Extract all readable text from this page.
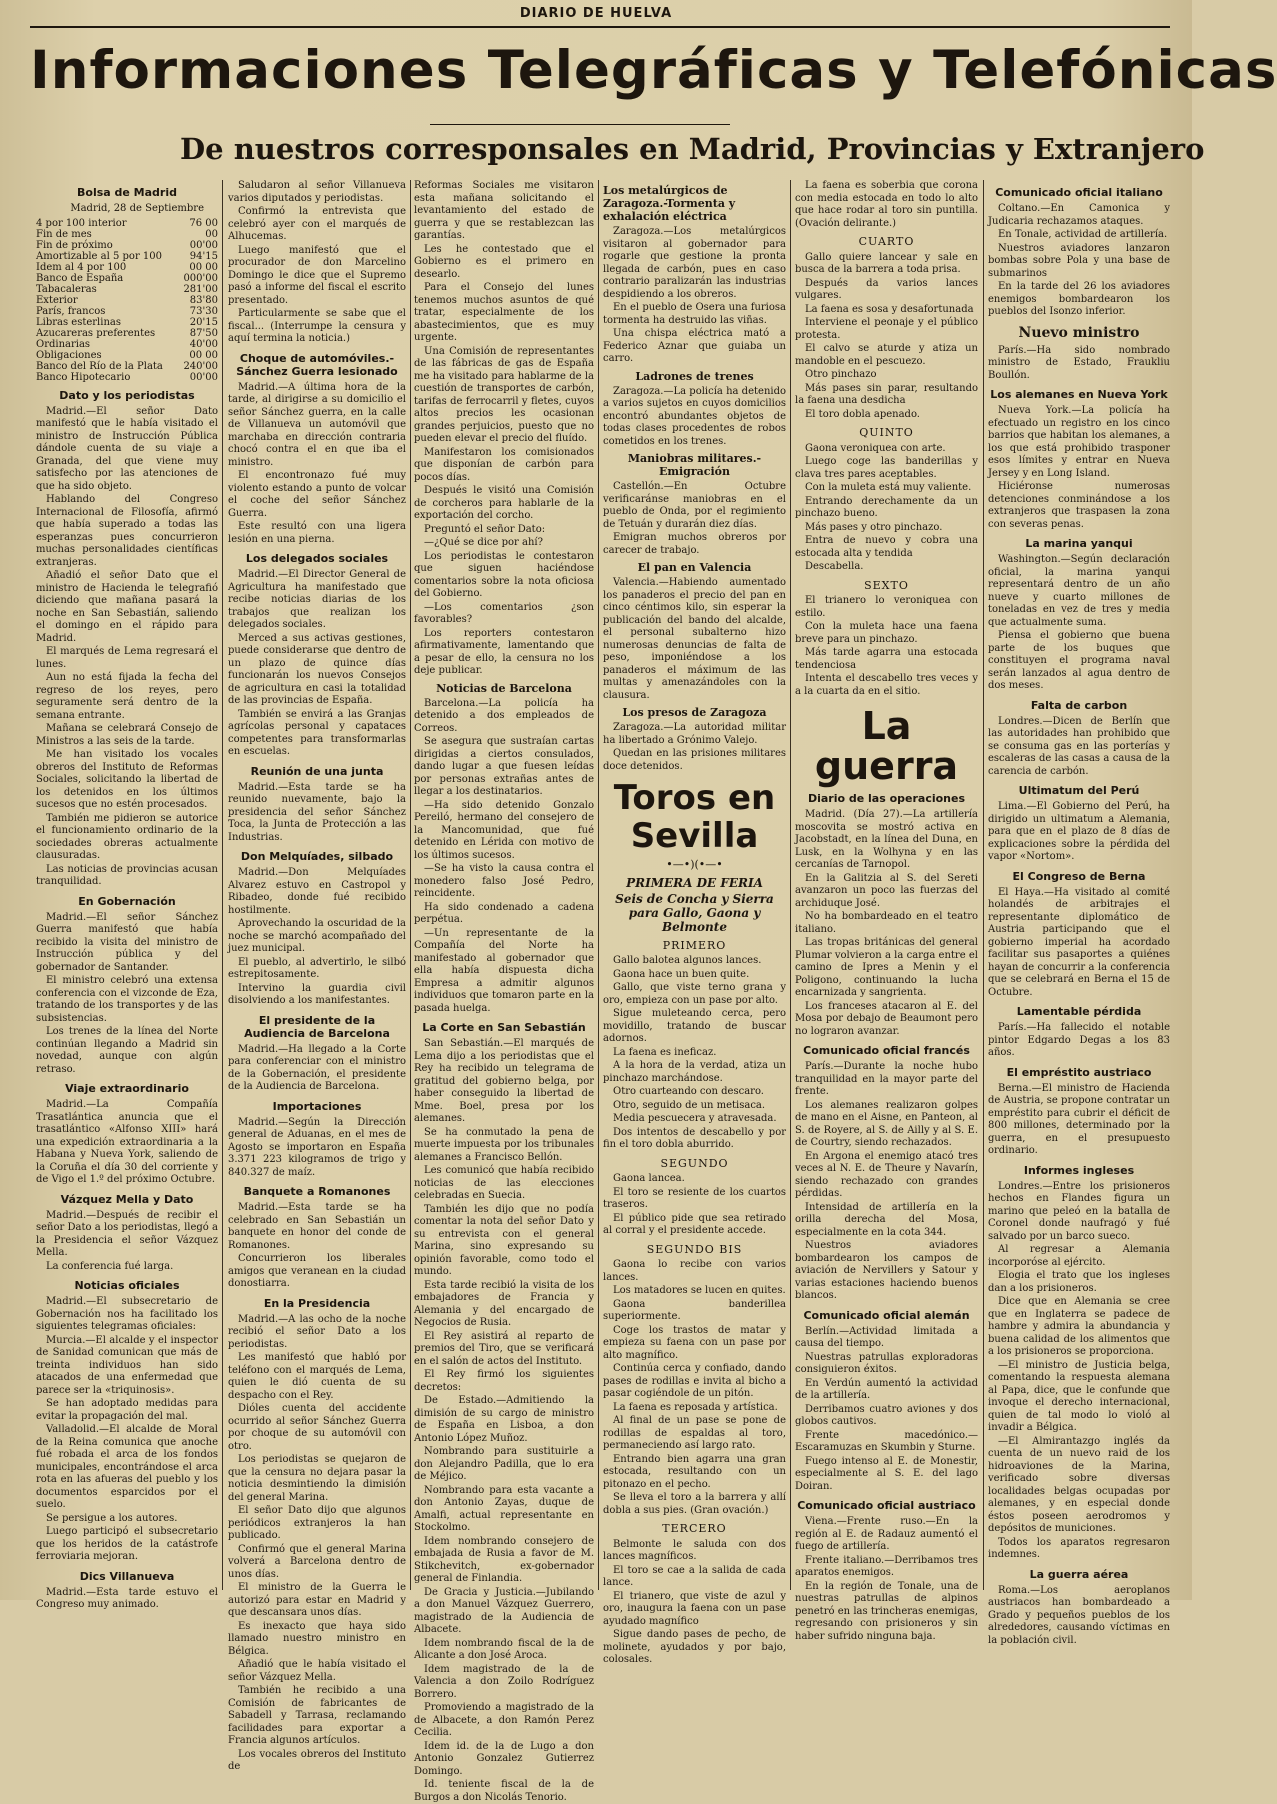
DIARIO DE HUELVA
Informaciones Telegráficas y Telefónicas
De nuestros corresponsales en Madrid, Provincias y Extranjero
Bolsa de Madrid
Madrid, 28 de Septiembre
4 por 100 interior	76 00
Fin de mes	00
Fin de próximo	00'00
Amortizable al 5 por 100	94'15
Idem al 4 por 100	00 00
Banco de España	000'00
Tabacaleras	281'00
Exterior	83'80
París, francos	73'30
Libras esterlinas	20'15
Azucareras preferentes	87'50
Ordinarias	40'00
Obligaciones	00 00
Banco del Río de la Plata	240'00
Banco Hipotecario	00'00
Dato y los periodistas

Madrid.—El señor Dato manifestó que le había visitado el ministro de Instrucción Pública dándole cuenta de su viaje a Granada, del que viene muy satisfecho por las atenciones de que ha sido objeto.

Hablando del Congreso Internacional de Filosofía, afirmó que había superado a todas las esperanzas pues concurrieron muchas personalidades científicas extranjeras.

Añadió el señor Dato que el ministro de Hacienda le telegrafió diciendo que mañana pasará la noche en San Sebastián, saliendo el domingo en el rápido para Madrid.

El marqués de Lema regresará el lunes.

Aun no está fijada la fecha del regreso de los reyes, pero seguramente será dentro de la semana entrante.

Mañana se celebrará Consejo de Ministros a las seis de la tarde.

Me han visitado los vocales obreros del Instituto de Reformas Sociales, solicitando la libertad de los detenidos en los últimos sucesos que no estén procesados.

También me pidieron se autorice el funcionamiento ordinario de la sociedades obreras actualmente clausuradas.

Las noticias de provincias acusan tranquilidad.

En Gobernación

Madrid.—El señor Sánchez Guerra manifestó que había recibido la visita del ministro de Instrucción pública y del gobernador de Santander.

El ministro celebró una extensa conferencia con el vizconde de Eza, tratando de los transportes y de las subsistencias.

Los trenes de la línea del Norte continúan llegando a Madrid sin novedad, aunque con algún retraso.

Viaje extraordinario

Madrid.—La Compañía Trasatlántica anuncia que el trasatlántico «Alfonso XIII» hará una expedición extraordinaria a la Habana y Nueva York, saliendo de la Coruña el día 30 del corriente y de Vigo el 1.º del próximo Octubre.

Vázquez Mella y Dato

Madrid.—Después de recibir el señor Dato a los periodistas, llegó a la Presidencia el señor Vázquez Mella.

La conferencia fué larga.

Noticias oficiales

Madrid.—El subsecretario de Gobernación nos ha facilitado los siguientes telegramas oficiales:

Murcia.—El alcalde y el inspector de Sanidad comunican que más de treinta individuos han sido atacados de una enfermedad que parece ser la «triquinosis».

Se han adoptado medidas para evitar la propagación del mal.

Valladolid.—El alcalde de Moral de la Reina comunica que anoche fué robada el arca de los fondos municipales, encontrándose el arca rota en las afueras del pueblo y los documentos esparcidos por el suelo.

Se persigue a los autores.

Luego participó el subsecretario que los heridos de la catástrofe ferroviaria mejoran.

Dics Villanueva

Madrid.—Esta tarde estuvo el Congreso muy animado.

Saludaron al señor Villanueva varios diputados y periodistas.

Confirmó la entrevista que celebró ayer con el marqués de Alhucemas.

Luego manifestó que el procurador de don Marcelino Domingo le dice que el Supremo pasó a informe del fiscal el escrito presentado.

Particularmente se sabe que el fiscal... (Interrumpe la censura y aquí termina la noticia.)

Choque de automóviles.-Sánchez Guerra lesionado

Madrid.—A última hora de la tarde, al dirigirse a su domicilio el señor Sánchez guerra, en la calle de Villanueva un automóvil que marchaba en dirección contraria chocó contra el en que iba el ministro.

El encontronazo fué muy violento estando a punto de volcar el coche del señor Sánchez Guerra.

Este resultó con una ligera lesión en una pierna.

Los delegados sociales

Madrid.—El Director General de Agricultura ha manifestado que recibe noticias diarias de los trabajos que realizan los delegados sociales.

Merced a sus activas gestiones, puede considerarse que dentro de un plazo de quince días funcionarán los nuevos Consejos de agricultura en casi la totalidad de las provincias de España.

También se envirá a las Granjas agrícolas personal y capataces competentes para transformarlas en escuelas.

Reunión de una junta

Madrid.—Esta tarde se ha reunido nuevamente, bajo la presidencia del señor Sánchez Toca, la Junta de Protección a las Industrias.

Don Melquíades, silbado

Madrid.—Don Melquíades Alvarez estuvo en Castropol y Ribadeo, donde fué recibido hostilmente.

Aprovechando la oscuridad de la noche se marchó acompañado del juez municipal.

El pueblo, al advertirlo, le silbó estrepitosamente.

Intervino la guardia civil disolviendo a los manifestantes.

El presidente de la Audiencia de Barcelona

Madrid.—Ha llegado a la Corte para conferenciar con el ministro de la Gobernación, el presidente de la Audiencia de Barcelona.

Importaciones

Madrid.—Según la Dirección general de Aduanas, en el mes de Agosto se importaron en España 3.371 223 kilogramos de trigo y 840.327 de maíz.

Banquete a Romanones

Madrid.—Esta tarde se ha celebrado en San Sebastián un banquete en honor del conde de Romanones.

Concurrieron los liberales amigos que veranean en la ciudad donostiarra.

En la Presidencia

Madrid.—A las ocho de la noche recibió el señor Dato a los periodistas.

Les manifestó que habló por teléfono con el marqués de Lema, quien le dió cuenta de su despacho con el Rey.

Dióles cuenta del accidente ocurrido al señor Sánchez Guerra por choque de su automóvil con otro.

Los periodistas se quejaron de que la censura no dejara pasar la noticia desmintiendo la dimisión del general Marina.

El señor Dato dijo que algunos periódicos extranjeros la han publicado.

Confirmó que el general Marina volverá a Barcelona dentro de unos días.

El ministro de la Guerra le autorizó para estar en Madrid y que descansara unos días.

Es inexacto que haya sido llamado nuestro ministro en Bélgica.

Añadió que le había visitado el señor Vázquez Mella.

También he recibido a una Comisión de fabricantes de Sabadell y Tarrasa, reclamando facilidades para exportar a Francia algunos artículos.

Los vocales obreros del Instituto de

Reformas Sociales me visitaron esta mañana solicitando el levantamiento del estado de guerra y que se restablezcan las garantías.

Les he contestado que el Gobierno es el primero en desearlo.

Para el Consejo del lunes tenemos muchos asuntos de qué tratar, especialmente de los abastecimientos, que es muy urgente.

Una Comisión de representantes de las fábricas de gas de España me ha visitado para hablarme de la cuestión de transportes de carbón, tarifas de ferrocarril y fletes, cuyos altos precios les ocasionan grandes perjuicios, puesto que no pueden elevar el precio del fluído.

Manifestaron los comisionados que disponían de carbón para pocos días.

Después le visitó una Comisión de corcheros para hablarle de la exportación del corcho.

Preguntó el señor Dato:

—¿Qué se dice por ahí?

Los periodistas le contestaron que siguen haciéndose comentarios sobre la nota oficiosa del Gobierno.

—Los comentarios ¿son favorables?

Los reporters contestaron afirmativamente, lamentando que a pesar de ello, la censura no los deje publicar.

Noticias de Barcelona

Barcelona.—La policía ha detenido a dos empleados de Correos.

Se asegura que sustraían cartas dirigidas a ciertos consulados, dando lugar a que fuesen leídas por personas extrañas antes de llegar a los destinatarios.

—Ha sido detenido Gonzalo Pereiló, hermano del consejero de la Mancomunidad, que fué detenido en Lérida con motivo de los últimos sucesos.

—Se ha visto la causa contra el monedero falso José Pedro, reincidente.

Ha sido condenado a cadena perpétua.

—Un representante de la Compañía del Norte ha manifestado al gobernador que ella había dispuesta dicha Empresa a admitir algunos individuos que tomaron parte en la pasada huelga.

La Corte en San Sebastián

San Sebastián.—El marqués de Lema dijo a los periodistas que el Rey ha recibido un telegrama de gratitud del gobierno belga, por haber conseguido la libertad de Mme. Boel, presa por los alemanes.

Se ha conmutado la pena de muerte impuesta por los tribunales alemanes a Francisco Bellón.

Les comunicó que había recibido noticias de las elecciones celebradas en Suecia.

También les dijo que no podía comentar la nota del señor Dato y su entrevista con el general Marina, sino expresando su opinión favorable, como todo el mundo.

Esta tarde recibió la visita de los embajadores de Francia y Alemania y del encargado de Negocios de Rusia.

El Rey asistirá al reparto de premios del Tiro, que se verificará en el salón de actos del Instituto.

El Rey firmó los siguientes decretos:

De Estado.—Admitiendo la dimisión de su cargo de ministro de España en Lisboa, a don Antonio López Muñoz.

Nombrando para sustituirle a don Alejandro Padilla, que lo era de Méjico.

Nombrando para esta vacante a don Antonio Zayas, duque de Amalfi, actual representante en Stockolmo.

Idem nombrando consejero de embajada de Rusia a favor de M. Stikchevitch, ex-gobernador general de Finlandia.

De Gracia y Justicia.—Jubilando a don Manuel Vázquez Guerrero, magistrado de la Audiencia de Albacete.

Idem nombrando fiscal de la de Alicante a don José Aroca.

Idem magistrado de la de Valencia a don Zoilo Rodríguez Borrero.

Promoviendo a magistrado de la de Albacete, a don Ramón Perez Cecilia.

Idem id. de la de Lugo a don Antonio Gonzalez Gutierrez Domingo.

Id. teniente fiscal de la de Burgos a don Nicolás Tenorio.

Los metalúrgicos de Zaragoza.-Tormenta y exhalación eléctrica

Zaragoza.—Los metalúrgicos visitaron al gobernador para rogarle que gestione la pronta llegada de carbón, pues en caso contrario paralizarán las industrias despidiendo a los obreros.

En el pueblo de Osera una furiosa tormenta ha destruido las viñas.

Una chispa eléctrica mató a Federico Aznar que guiaba un carro.

Ladrones de trenes

Zaragoza.—La policía ha detenido a varios sujetos en cuyos domicilios encontró abundantes objetos de todas clases procedentes de robos cometidos en los trenes.

Maniobras militares.-Emigración

Castellón.—En Octubre verificaránse maniobras en el pueblo de Onda, por el regimiento de Tetuán y durarán diez días.

Emigran muchos obreros por carecer de trabajo.

El pan en Valencia

Valencia.—Habiendo aumentado los panaderos el precio del pan en cinco céntimos kilo, sin esperar la publicación del bando del alcalde, el personal subalterno hizo numerosas denuncias de falta de peso, imponiéndose a los panaderos el máximum de las multas y amenazándoles con la clausura.

Los presos de Zaragoza

Zaragoza.—La autoridad militar ha libertado a Grónimo Valejo.

Quedan en las prisiones militares doce detenidos.

Toros en Sevilla
•—•)(•—•
PRIMERA DE FERIA
Seis de Concha y Sierra para Gallo, Gaona y Belmonte
PRIMERO

Gallo balotea algunos lances.

Gaona hace un buen quite.

Gallo, que viste terno grana y oro, empieza con un pase por alto.

Sigue muleteando cerca, pero movidillo, tratando de buscar adornos.

La faena es ineficaz.

A la hora de la verdad, atiza un pinchazo marchándose.

Otro cuarteando con descaro.

Otro, seguido de un metisaca.

Media pescuecera y atravesada.

Dos intentos de descabello y por fin el toro dobla aburrido.

SEGUNDO

Gaona lancea.

El toro se resiente de los cuartos traseros.

El público pide que sea retirado al corral y el presidente accede.

SEGUNDO BIS

Gaona lo recibe con varios lances.

Los matadores se lucen en quites.

Gaona banderillea superiormente.

Coge los trastos de matar y empieza su faena con un pase por alto magnífico.

Continúa cerca y confiado, dando pases de rodillas e invita al bicho a pasar cogiéndole de un pitón.

La faena es reposada y artística.

Al final de un pase se pone de rodillas de espaldas al toro, permaneciendo así largo rato.

Entrando bien agarra una gran estocada, resultando con un pitonazo en el pecho.

Se lleva el toro a la barrera y allí dobla a sus pies. (Gran ovación.)

TERCERO

Belmonte le saluda con dos lances magníficos.

El toro se cae a la salida de cada lance.

El trianero, que viste de azul y oro, inaugura la faena con un pase ayudado magnífico

Sigue dando pases de pecho, de molinete, ayudados y por bajo, colosales.

La faena es soberbia que corona con media estocada en todo lo alto que hace rodar al toro sin puntilla. (Ovación delirante.)

CUARTO

Gallo quiere lancear y sale en busca de la barrera a toda prisa.

Después da varios lances vulgares.

La faena es sosa y desafortunada

Interviene el peonaje y el público protesta.

El calvo se aturde y atiza un mandoble en el pescuezo.

Otro pinchazo

Más pases sin parar, resultando la faena una desdicha

El toro dobla apenado.

QUINTO

Gaona veroniquea con arte.

Luego coge las banderillas y clava tres pares aceptables.

Con la muleta está muy valiente.

Entrando derechamente da un pinchazo bueno.

Más pases y otro pinchazo.

Entra de nuevo y cobra una estocada alta y tendida

Descabella.

SEXTO

El trianero lo veroniquea con estilo.

Con la muleta hace una faena breve para un pinchazo.

Más tarde agarra una estocada tendenciosa

Intenta el descabello tres veces y a la cuarta da en el sitio.

La guerra
Diario de las operaciones

Madrid. (Día 27).—La artillería moscovita se mostró activa en Jacobstadt, en la línea del Duna, en Lusk, en la Wolhyna y en las cercanías de Tarnopol.

En la Galitzia al S. del Sereti avanzaron un poco las fuerzas del archiduque José.

No ha bombardeado en el teatro italiano.

Las tropas británicas del general Plumar volvieron a la carga entre el camino de Ipres a Menin y el Poligono, continuando la lucha encarnizada y sangrienta.

Los franceses atacaron al E. del Mosa por debajo de Beaumont pero no lograron avanzar.

Comunicado oficial francés

París.—Durante la noche hubo tranquilidad en la mayor parte del frente.

Los alemanes realizaron golpes de mano en el Aisne, en Panteon, al S. de Royere, al S. de Ailly y al S. E. de Courtry, siendo rechazados.

En Argona el enemigo atacó tres veces al N. E. de Theure y Navarín, siendo rechazado con grandes pérdidas.

Intensidad de artillería en la orilla derecha del Mosa, especialmente en la cota 344.

Nuestros aviadores bombardearon los campos de aviación de Nervillers y Satour y varias estaciones haciendo buenos blancos.

Comunicado oficial alemán

Berlín.—Actividad limitada a causa del tiempo.

Nuestras patrullas exploradoras consiguieron éxitos.

En Verdún aumentó la actividad de la artillería.

Derribamos cuatro aviones y dos globos cautivos.

Frente macedónico.—Escaramuzas en Skumbin y Sturne.

Fuego intenso al E. de Monestir, especialmente al S. E. del lago Doiran.

Comunicado oficial austriaco

Viena.—Frente ruso.—En la región al E. de Radauz aumentó el fuego de artillería.

Frente italiano.—Derribamos tres aparatos enemigos.

En la región de Tonale, una de nuestras patrullas de alpinos penetró en las trincheras enemigas, regresando con prisioneros y sin haber sufrido ninguna baja.

Comunicado oficial italiano

Coltano.—En Camonica y Judicaria rechazamos ataques.

En Tonale, actividad de artillería.

Nuestros aviadores lanzaron bombas sobre Pola y una base de submarinos

En la tarde del 26 los aviadores enemigos bombardearon los pueblos del Isonzo inferior.

Nuevo ministro

París.—Ha sido nombrado ministro de Estado, Fraukliu Boullón.

Los alemanes en Nueva York

Nueva York.—La policía ha efectuado un registro en los cinco barrios que habitan los alemanes, a los que está prohibido trasponer esos límites y entrar en Nueva Jersey y en Long Island.

Hiciéronse numerosas detenciones conminándose a los extranjeros que traspasen la zona con severas penas.

La marina yanqui

Washington.—Según declaración oficial, la marina yanqui representará dentro de un año nueve y cuarto millones de toneladas en vez de tres y media que actualmente suma.

Piensa el gobierno que buena parte de los buques que constituyen el programa naval serán lanzados al agua dentro de dos meses.

Falta de carbon

Londres.—Dicen de Berlín que las autoridades han prohibido que se consuma gas en las porterías y escaleras de las casas a causa de la carencia de carbón.

Ultimatum del Perú

Lima.—El Gobierno del Perú, ha dirigido un ultimatum a Alemania, para que en el plazo de 8 días de explicaciones sobre la pérdida del vapor «Nortom».

El Congreso de Berna

El Haya.—Ha visitado al comité holandés de arbitrajes el representante diplomático de Austria participando que el gobierno imperial ha acordado facilitar sus pasaportes a quiénes hayan de concurrir a la conferencia que se celebrará en Berna el 15 de Octubre.

Lamentable pérdida

París.—Ha fallecido el notable pintor Edgardo Degas a los 83 años.

El empréstito austriaco

Berna.—El ministro de Hacienda de Austria, se propone contratar un empréstito para cubrir el déficit de 800 millones, determinado por la guerra, en el presupuesto ordinario.

Informes ingleses

Londres.—Entre los prisioneros hechos en Flandes figura un marino que peleó en la batalla de Coronel donde naufragó y fué salvado por un barco sueco.

Al regresar a Alemania incorporóse al ejército.

Elogia el trato que los ingleses dan a los prisioneros.

Dice que en Alemania se cree que en Inglaterra se padece de hambre y admira la abundancia y buena calidad de los alimentos que a los prisioneros se proporciona.

—El ministro de Justicia belga, comentando la respuesta alemana al Papa, dice, que le confunde que invoque el derecho internacional, quien de tal modo lo violó al invadir a Bélgica.

—El Almirantazgo inglés da cuenta de un nuevo raid de los hidroaviones de la Marina, verificado sobre diversas localidades belgas ocupadas por alemanes, y en especial donde éstos poseen aerodromos y depósitos de municiones.

Todos los aparatos regresaron indemnes.

La guerra aérea

Roma.—Los aeroplanos austriacos han bombardeado a Grado y pequeños pueblos de los alrededores, causando víctimas en la población civil.
